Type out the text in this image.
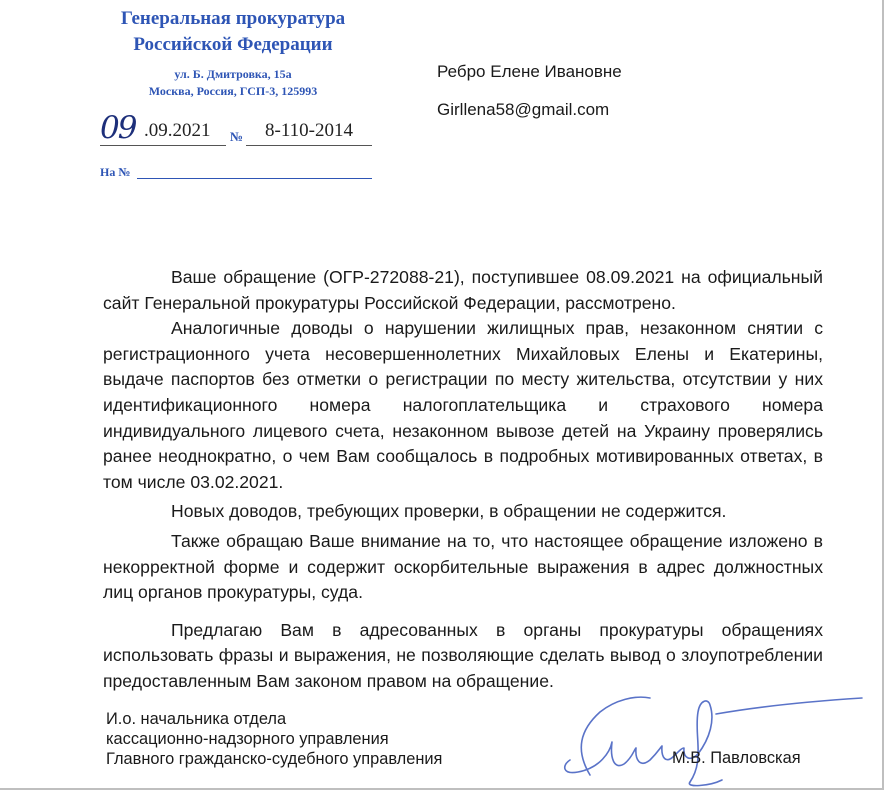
Генеральная прокуратура
Российской Федерации
ул. Б. Дмитровка, 15а
Москва, Россия, ГСП-3, 125993
09 .09.2021 № 8-110-2014
На №
Ребро Елене Ивановне
Girllena58@gmail.com

Ваше обращение (ОГР-272088-21), поступившее 08.09.2021 на официальный сайт Генеральной прокуратуры Российской Федерации, рассмотрено.

Аналогичные доводы о нарушении жилищных прав, незаконном снятии с регистрационного учета несовершеннолетних Михайловых Елены и Екатерины, выдаче паспортов без отметки о регистрации по месту жительства, отсутствии у них идентификационного номера налогоплательщика и страхового номера индивидуального лицевого счета, незаконном вывозе детей на Украину проверялись ранее неоднократно, о чем Вам сообщалось в подробных мотивированных ответах, в том числе 03.02.2021.

Новых доводов, требующих проверки, в обращении не содержится.

Также обращаю Ваше внимание на то, что настоящее обращение изложено в некорректной форме и содержит оскорбительные выражения в адрес должностных лиц органов прокуратуры, суда.

Предлагаю Вам в адресованных в органы прокуратуры обращениях использовать фразы и выражения, не позволяющие сделать вывод о злоупотреблении предоставленным Вам законом правом на обращение.

И.о. начальника отдела
кассационно-надзорного управления
Главного гражданско-судебного управления	М.В. Павловская
